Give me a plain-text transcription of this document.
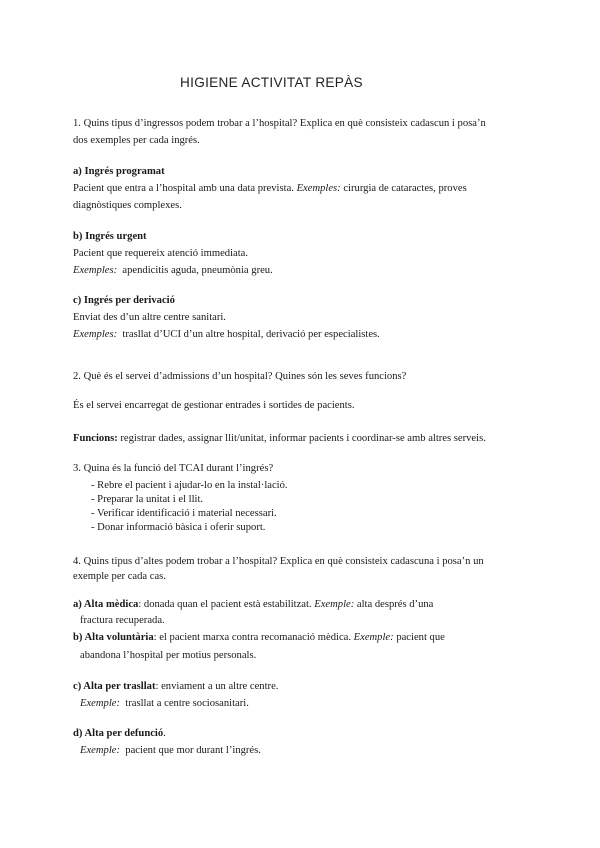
HIGIENE ACTIVITAT REPÀS
1. Quins tipus d’ingressos podem trobar a l’hospital? Explica en què consisteix cadascun i posa’n
dos exemples per cada ingrés.
a) Ingrés programat
Pacient que entra a l’hospital amb una data prevista. Exemples: cirurgia de cataractes, proves
diagnòstiques complexes.
b) Ingrés urgent
Pacient que requereix atenció immediata.
Exemples: apendicitis aguda, pneumònia greu.
c) Ingrés per derivació
Enviat des d’un altre centre sanitari.
Exemples: trasllat d’UCI d’un altre hospital, derivació per especialistes.
2. Què és el servei d’admissions d’un hospital? Quines són les seves funcions?
És el servei encarregat de gestionar entrades i sortides de pacients.
Funcions: registrar dades, assignar llit/unitat, informar pacients i coordinar-se amb altres serveis.
3. Quina és la funció del TCAI durant l’ingrés?
- Rebre el pacient i ajudar-lo en la instal·lació.
- Preparar la unitat i el llit.
- Verificar identificació i material necessari.
- Donar informació bàsica i oferir suport.
4. Quins tipus d’altes podem trobar a l’hospital? Explica en què consisteix cadascuna i posa’n un
exemple per cada cas.
a) Alta mèdica: donada quan el pacient està estabilitzat. Exemple: alta després d’una
fractura recuperada.
b) Alta voluntària: el pacient marxa contra recomanació mèdica. Exemple: pacient que
abandona l’hospital per motius personals.
c) Alta per trasllat: enviament a un altre centre.
Exemple: trasllat a centre sociosanitari.
d) Alta per defunció.
Exemple: pacient que mor durant l’ingrés.
